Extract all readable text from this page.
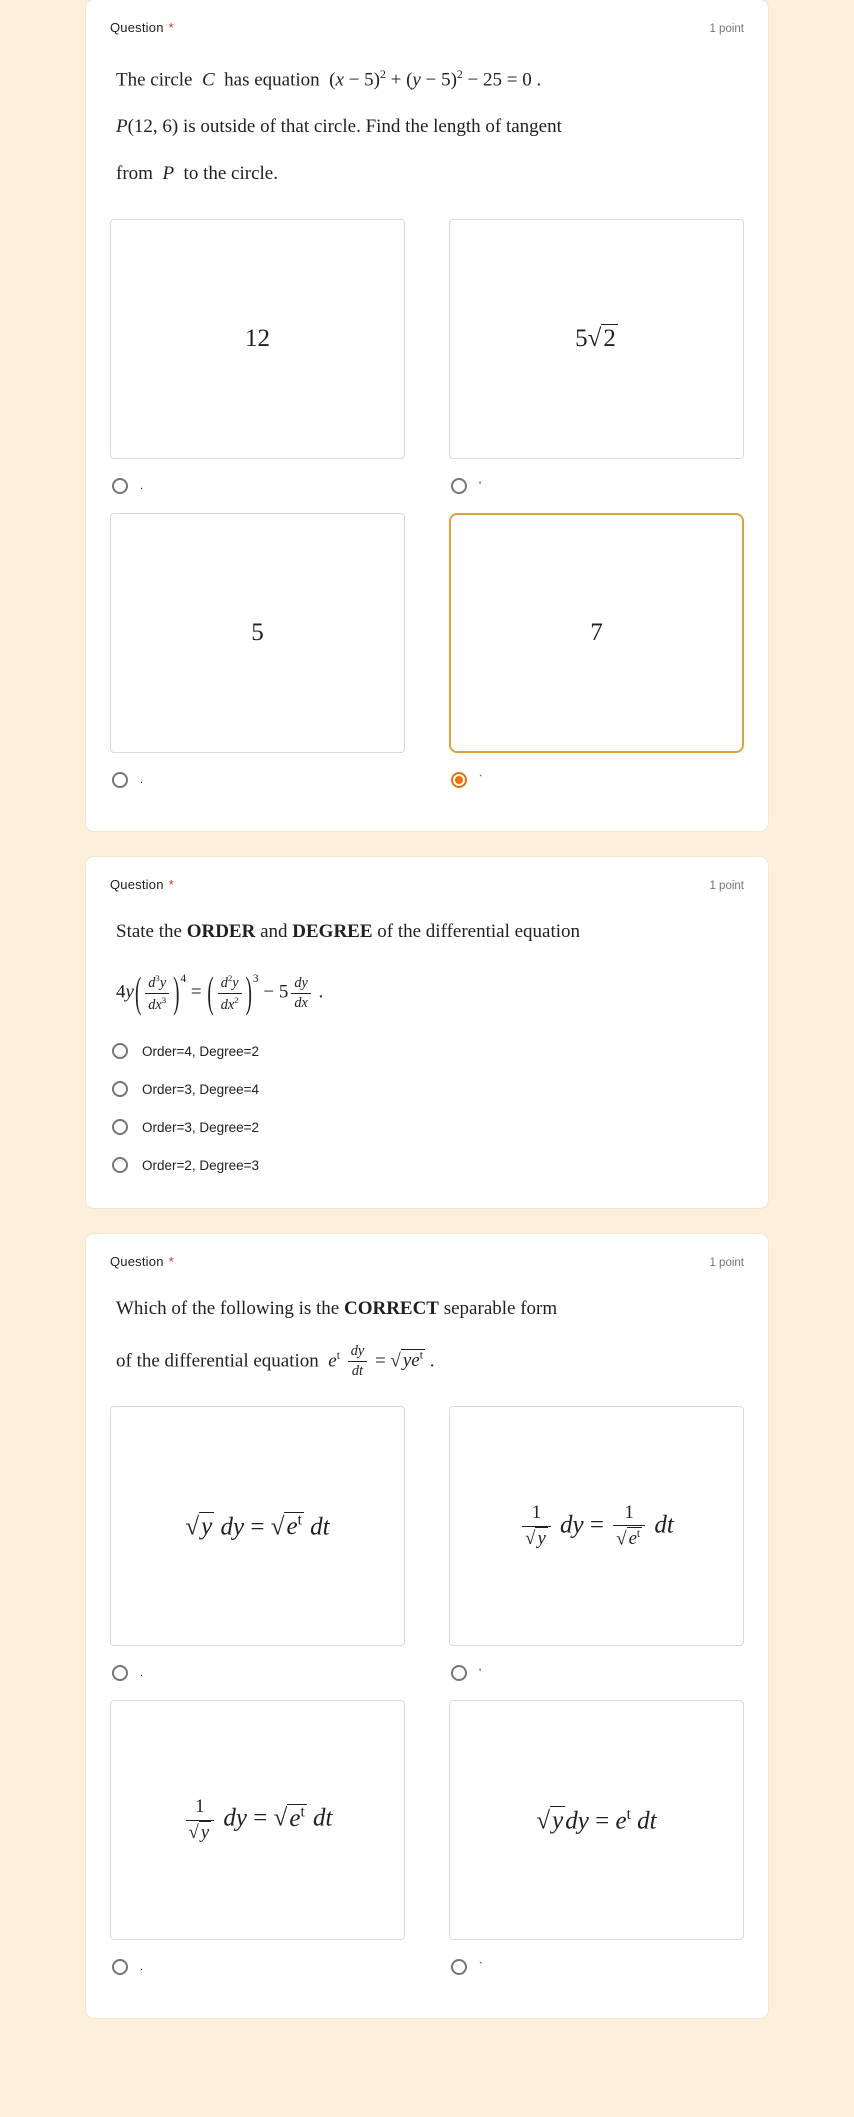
Question *	1 point
The circle  C  has equation  $(x - 5)^2 + (y - 5)^2 - 25 = 0$ .
P(12, 6) is outside of that circle. Find the length of tangent
from  P  to the circle.
12
.
5√2
'
5
.
7
`
Question *	1 point
State the ORDER and DEGREE of the differential equation
$4y( \frac{d^3y}{dx^3} )^4$ = ( $\frac{d^2y}{dx^2} )^3 - 5 \frac{dy}{dx}$ .
Order=4, Degree=2
Order=3, Degree=4
Order=3, Degree=2
Order=2, Degree=3
Question *	1 point
Which of the following is the CORRECT separable form
of the differential equation  $e^t \frac{dy}{dt}$ = √ $ye^t$ .
√y dy = $√e^t$ dt
.
$\frac{1}{√ y}$ dy = $\frac{1}{√ e^t}$ dt
'
$\frac{1}{√ y}$ dy = $√e^t$ dt
.
$√ydy = e^t$ dt
`
